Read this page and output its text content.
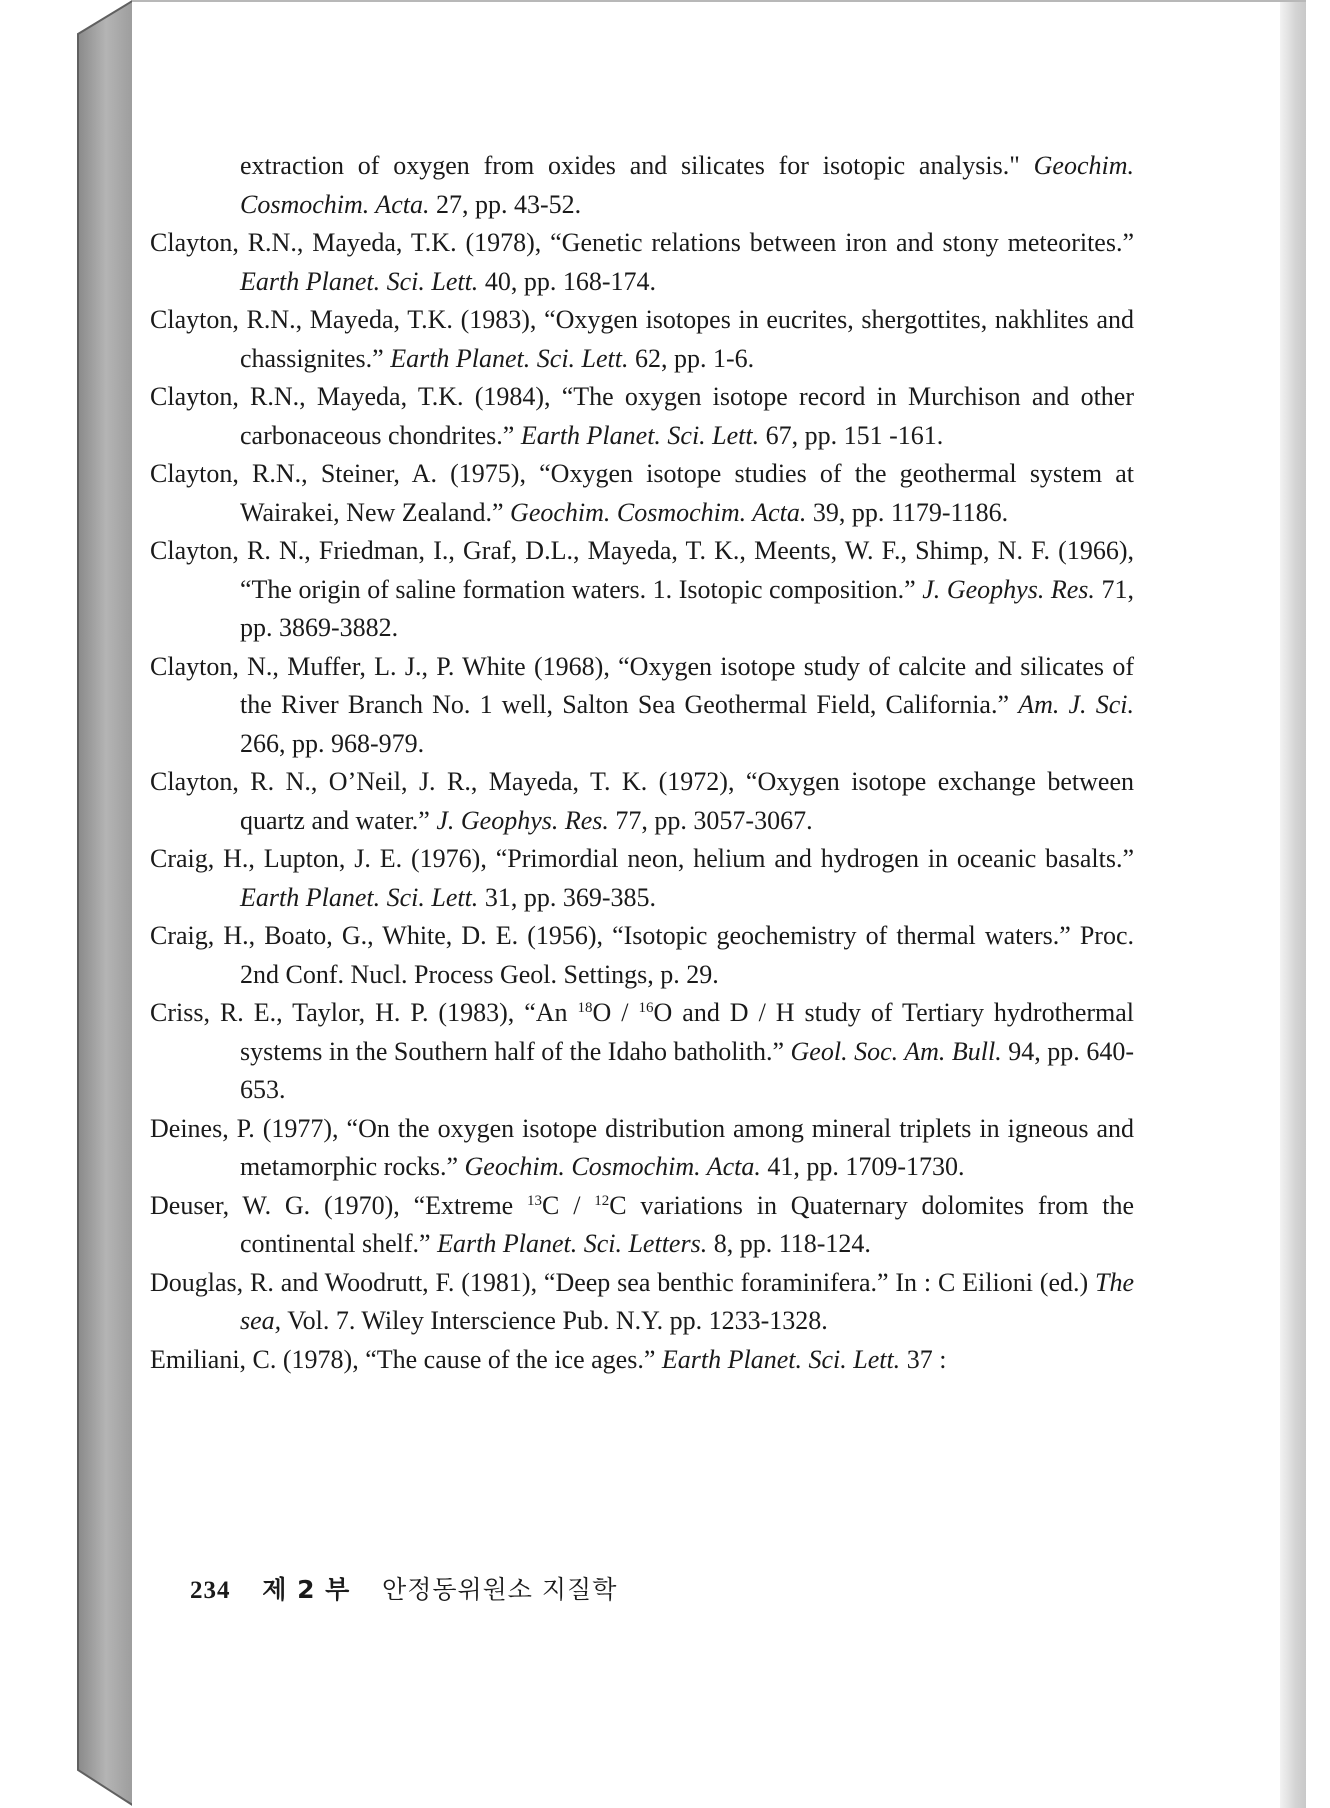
extraction of oxygen from oxides and silicates for isotopic analysis." Geochim. Cosmochim. Acta. 27, pp. 43-52.

Clayton, R.N., Mayeda, T.K. (1978), “Genetic relations between iron and stony meteorites.” Earth Planet. Sci. Lett. 40, pp. 168-174.

Clayton, R.N., Mayeda, T.K. (1983), “Oxygen isotopes in eucrites, shergottites, nakhlites and chassignites.” Earth Planet. Sci. Lett. 62, pp. 1-6.

Clayton, R.N., Mayeda, T.K. (1984), “The oxygen isotope record in Murchison and other carbonaceous chondrites.” Earth Planet. Sci. Lett. 67, pp. 151 -161.

Clayton, R.N., Steiner, A. (1975), “Oxygen isotope studies of the geothermal system at Wairakei, New Zealand.” Geochim. Cosmochim. Acta. 39, pp. 1179-1186.

Clayton, R. N., Friedman, I., Graf, D.L., Mayeda, T. K., Meents, W. F., Shimp, N. F. (1966), “The origin of saline formation waters. 1. Isotopic composition.” J. Geophys. Res. 71, pp. 3869-3882.

Clayton, N., Muffer, L. J., P. White (1968), “Oxygen isotope study of calcite and silicates of the River Branch No. 1 well, Salton Sea Geothermal Field, California.” Am. J. Sci. 266, pp. 968-979.

Clayton, R. N., O’Neil, J. R., Mayeda, T. K. (1972), “Oxygen isotope exchange between quartz and water.” J. Geophys. Res. 77, pp. 3057-3067.

Craig, H., Lupton, J. E. (1976), “Primordial neon, helium and hydrogen in oceanic basalts.” Earth Planet. Sci. Lett. 31, pp. 369-385.

Craig, H., Boato, G., White, D. E. (1956), “Isotopic geochemistry of thermal waters.” Proc. 2nd Conf. Nucl. Process Geol. Settings, p. 29.

Criss, R. E., Taylor, H. P. (1983), “An $^{18}$O / $^{16}$O and D / H study of Tertiary hydrothermal systems in the Southern half of the Idaho batholith.” Geol. Soc. Am. Bull. 94, pp. 640-653.

Deines, P. (1977), “On the oxygen isotope distribution among mineral triplets in igneous and metamorphic rocks.” Geochim. Cosmochim. Acta. 41, pp. 1709-1730.

Deuser, W. G. (1970), “Extreme $^{13}$C / $^{12}$C variations in Quaternary dolomites from the continental shelf.” Earth Planet. Sci. Letters. 8, pp. 118-124.

Douglas, R. and Woodrutt, F. (1981), “Deep sea benthic foraminifera.” In : C Eilioni (ed.) The sea, Vol. 7. Wiley Interscience Pub. N.Y. pp. 1233-1328.

Emiliani, C. (1978), “The cause of the ice ages.” Earth Planet. Sci. Lett. 37 :

234 제 2 부 안정동위원소 지질학
